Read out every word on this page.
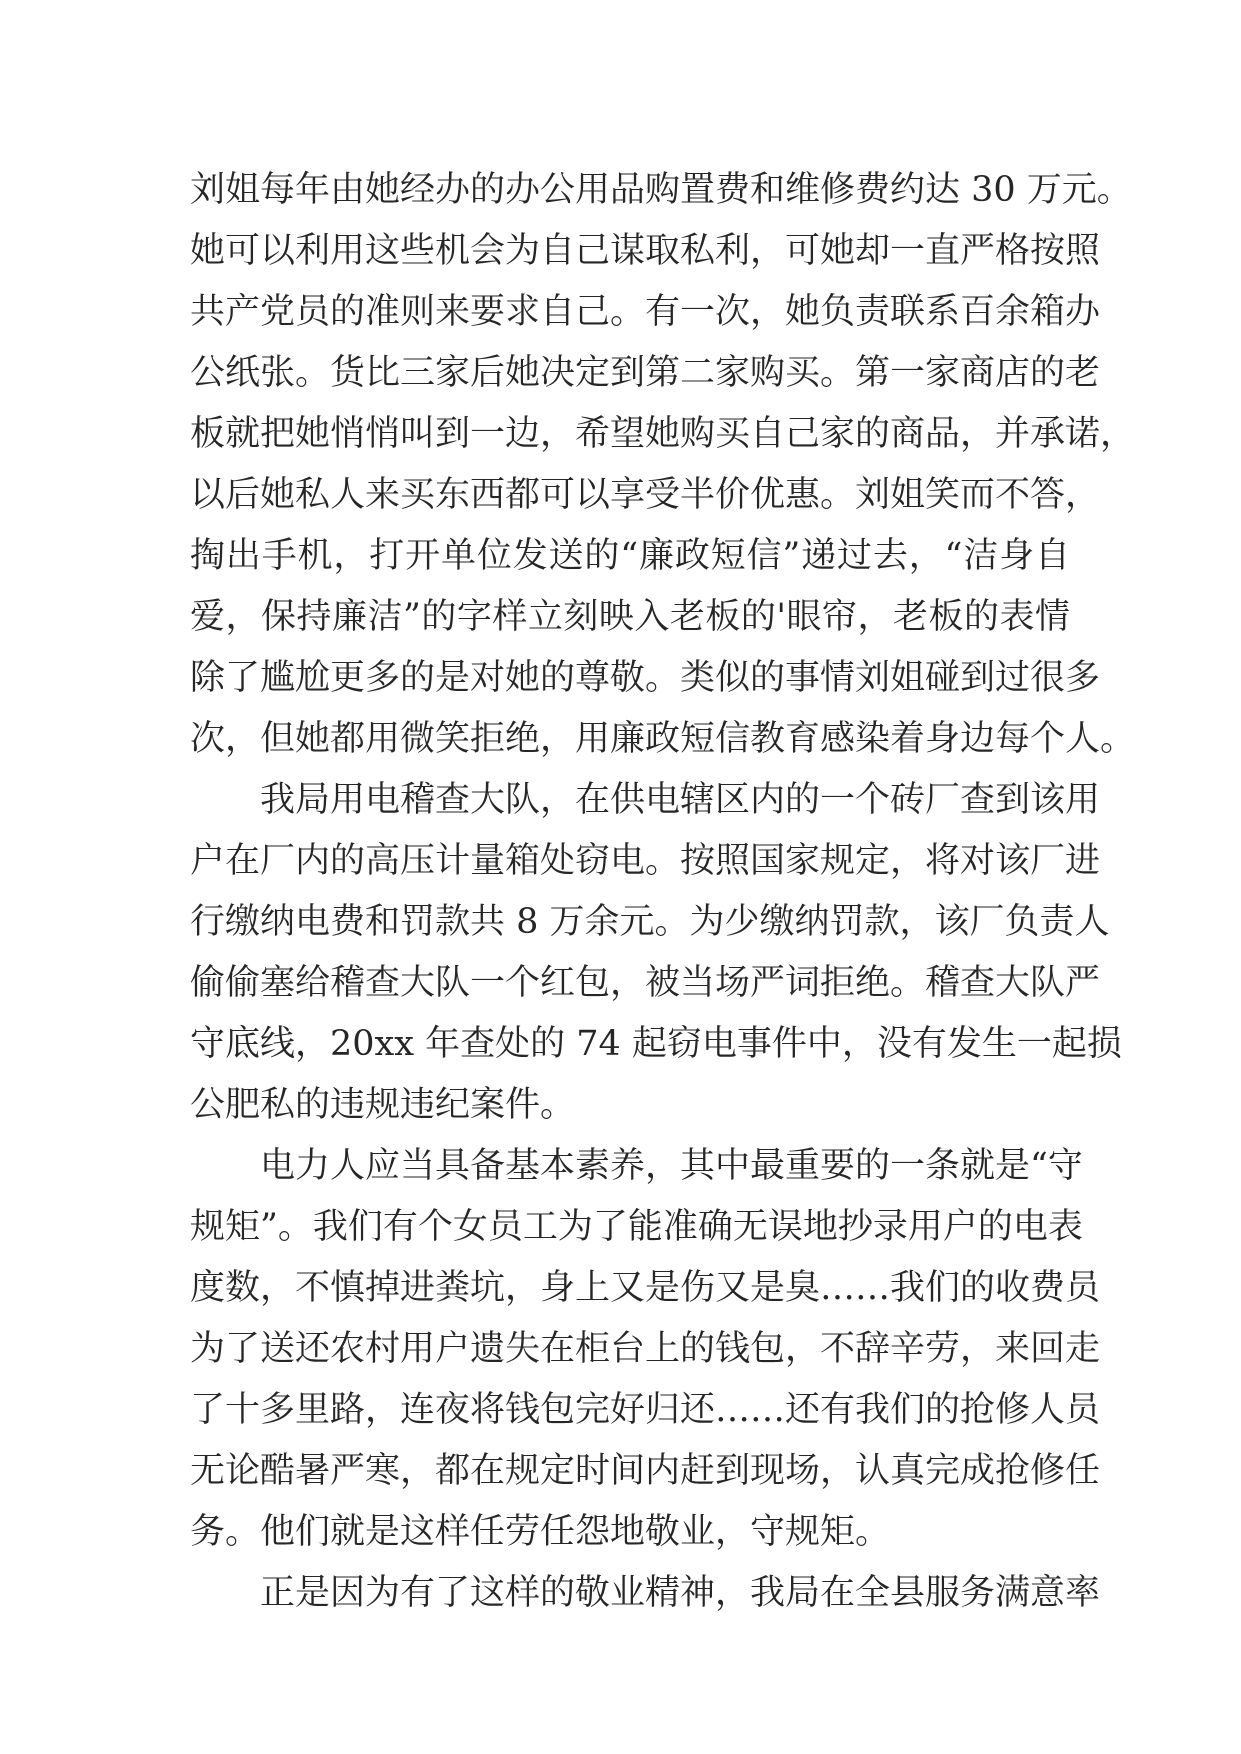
刘姐每年由她经办的办公用品购置费和维修费约达 30 万元。
她可以利用这些机会为自己谋取私利，可她却一直严格按照
共产党员的准则来要求自己。有一次，她负责联系百余箱办
公纸张。货比三家后她决定到第二家购买。第一家商店的老
板就把她悄悄叫到一边，希望她购买自己家的商品，并承诺，
以后她私人来买东西都可以享受半价优惠。刘姐笑而不答，
掏出手机，打开单位发送的“廉政短信”递过去，“洁身自
爱，保持廉洁”的字样立刻映入老板的'眼帘，老板的表情
除了尴尬更多的是对她的尊敬。类似的事情刘姐碰到过很多
次，但她都用微笑拒绝，用廉政短信教育感染着身边每个人。
我局用电稽查大队，在供电辖区内的一个砖厂查到该用
户在厂内的高压计量箱处窃电。按照国家规定，将对该厂进
行缴纳电费和罚款共 8 万余元。为少缴纳罚款，该厂负责人
偷偷塞给稽查大队一个红包，被当场严词拒绝。稽查大队严
守底线，20xx 年查处的 74 起窃电事件中，没有发生一起损
公肥私的违规违纪案件。
电力人应当具备基本素养，其中最重要的一条就是“守
规矩”。我们有个女员工为了能准确无误地抄录用户的电表
度数，不慎掉进粪坑，身上又是伤又是臭……我们的收费员
为了送还农村用户遗失在柜台上的钱包，不辞辛劳，来回走
了十多里路，连夜将钱包完好归还……还有我们的抢修人员
无论酷暑严寒，都在规定时间内赶到现场，认真完成抢修任
务。他们就是这样任劳任怨地敬业，守规矩。
正是因为有了这样的敬业精神，我局在全县服务满意率
